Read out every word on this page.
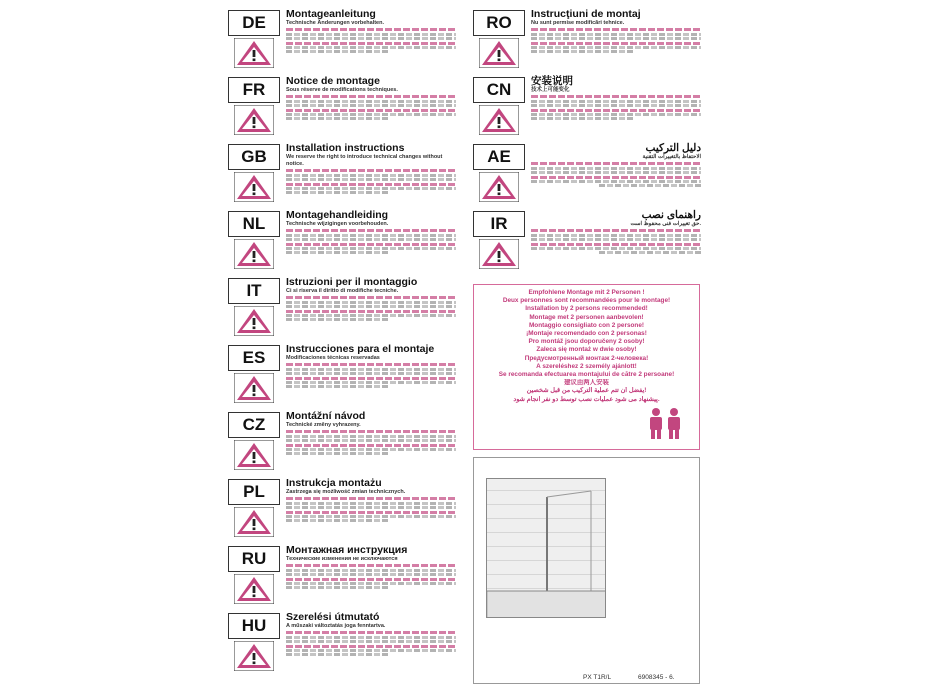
DE	Montageanleitung
Technische Änderungen vorbehalten.
FR	Notice de montage
Sous réserve de modifications techniques.
GB	Installation instructions
We reserve the right to introduce technical changes without notice.
NL	Montagehandleiding
Technische wijzigingen voorbehouden.
IT	Istruzioni per il montaggio
Ci si riserva il diritto di modifiche tecniche.
ES	Instrucciones para el montaje
Modificaciones técnicas reservadas
CZ	Montážní návod
Technické změny vyhrazeny.
PL	Instrukcja montażu
Zastrzega się możliwość zmian technicznych.
RU	Монтажная инструкция
Технические изменения не исключаются
HU	Szerelési útmutató
A műszaki változtatás joga fenntartva.
RO	Instrucţiuni de montaj
Nu sunt permise modificări tehnice.
CN	安装说明
技术上可能变化
AE	دليل التركيب
الاحتفاظ بالتغييرات التقنية
IR	راهنمای نصب
حق تغییرات فنی محفوظ است.
Empfohlene Montage mit 2 Personen !
Deux personnes sont recommandées pour le montage!
Installation by 2 persons recommended!
Montage met 2 personen aanbevolen!
Montaggio consigliato con 2 persone!
¡Montaje recomendado con 2 personas!
Pro montáž jsou doporučeny 2 osoby!
Zaleca się montaż w dwie osoby!
Предусмотренный монтаж 2-человека!
A szereléshez 2 személy ajánlott!
Se recomanda efectuarea montajului de către 2 persoane!
建议由两人安装
يفضل أن تتم عملية التركيب من قبل شخصين!
پیشنهاد می شود عملیات نصب توسط دو نفر انجام شود.
PX T1R/L	6908345 - 6.
